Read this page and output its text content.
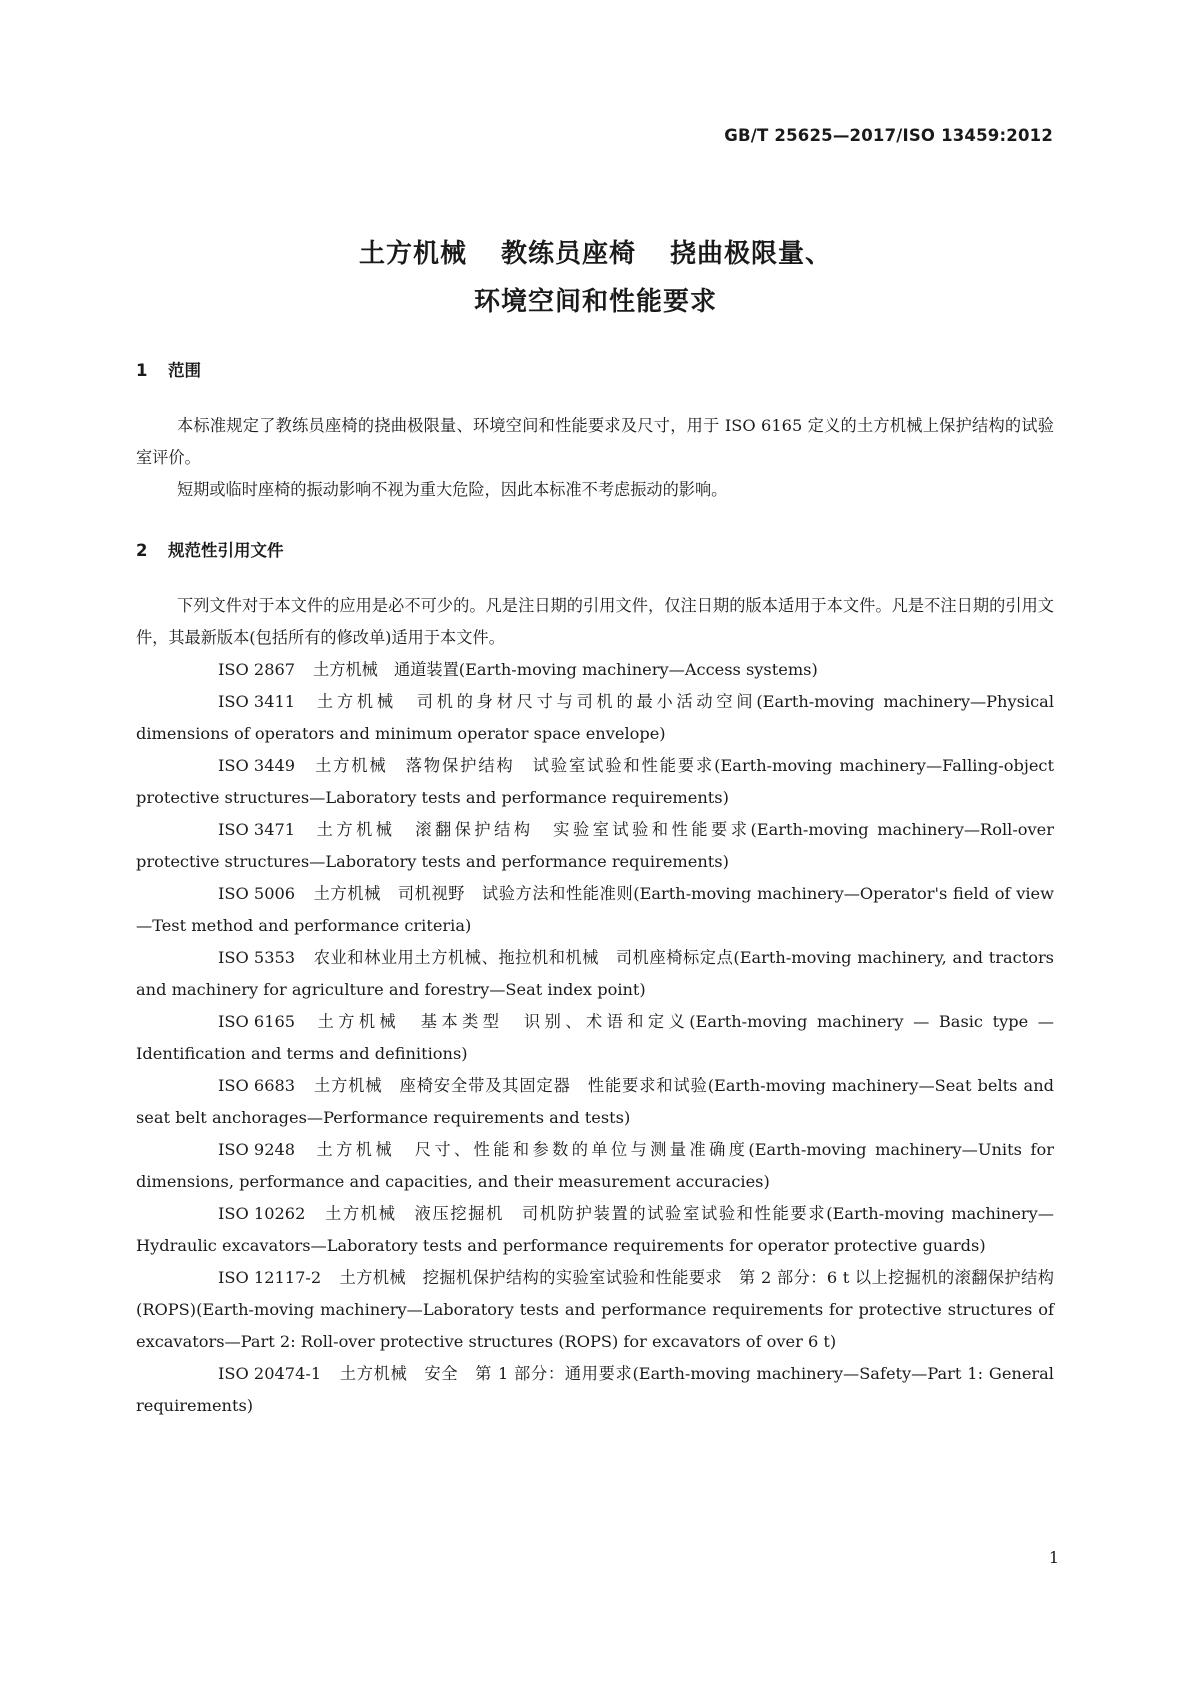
GB/T 25625—2017/ISO 13459:2012
土方机械 教练员座椅 挠曲极限量、
环境空间和性能要求
1 范围

本标准规定了教练员座椅的挠曲极限量、环境空间和性能要求及尺寸，用于 ISO 6165 定义的土方机械上保护结构的试验室评价。

短期或临时座椅的振动影响不视为重大危险，因此本标准不考虑振动的影响。

2 规范性引用文件

下列文件对于本文件的应用是必不可少的。凡是注日期的引用文件，仅注日期的版本适用于本文件。凡是不注日期的引用文件，其最新版本(包括所有的修改单)适用于本文件。

ISO 2867 土方机械　通道装置(Earth-moving machinery—Access systems)

ISO 3411 土方机械　司机的身材尺寸与司机的最小活动空间(Earth-moving machinery—Physical dimensions of operators and minimum operator space envelope)

ISO 3449 土方机械　落物保护结构　试验室试验和性能要求(Earth-moving machinery—Falling-object protective structures—Laboratory tests and performance requirements)

ISO 3471 土方机械　滚翻保护结构　实验室试验和性能要求(Earth-moving machinery—Roll-over protective structures—Laboratory tests and performance requirements)

ISO 5006 土方机械　司机视野　试验方法和性能准则(Earth-moving machinery—Operator's field of view—Test method and performance criteria)

ISO 5353 农业和林业用土方机械、拖拉机和机械　司机座椅标定点(Earth-moving machinery, and tractors and machinery for agriculture and forestry—Seat index point)

ISO 6165 土方机械　基本类型　识别、术语和定义(Earth-moving machinery — Basic type — Identification and terms and definitions)

ISO 6683 土方机械　座椅安全带及其固定器　性能要求和试验(Earth-moving machinery—Seat belts and seat belt anchorages—Performance requirements and tests)

ISO 9248 土方机械　尺寸、性能和参数的单位与测量准确度(Earth-moving machinery—Units for dimensions, performance and capacities, and their measurement accuracies)

ISO 10262 土方机械　液压挖掘机　司机防护装置的试验室试验和性能要求(Earth-moving machinery—Hydraulic excavators—Laboratory tests and performance requirements for operator protective guards)

ISO 12117-2 土方机械　挖掘机保护结构的实验室试验和性能要求　第 2 部分：6 t 以上挖掘机的滚翻保护结构(ROPS)(Earth-moving machinery—Laboratory tests and performance requirements for protective structures of excavators—Part 2: Roll-over protective structures (ROPS) for excavators of over 6 t)

ISO 20474-1 土方机械　安全　第 1 部分：通用要求(Earth-moving machinery—Safety—Part 1: General requirements)

1
